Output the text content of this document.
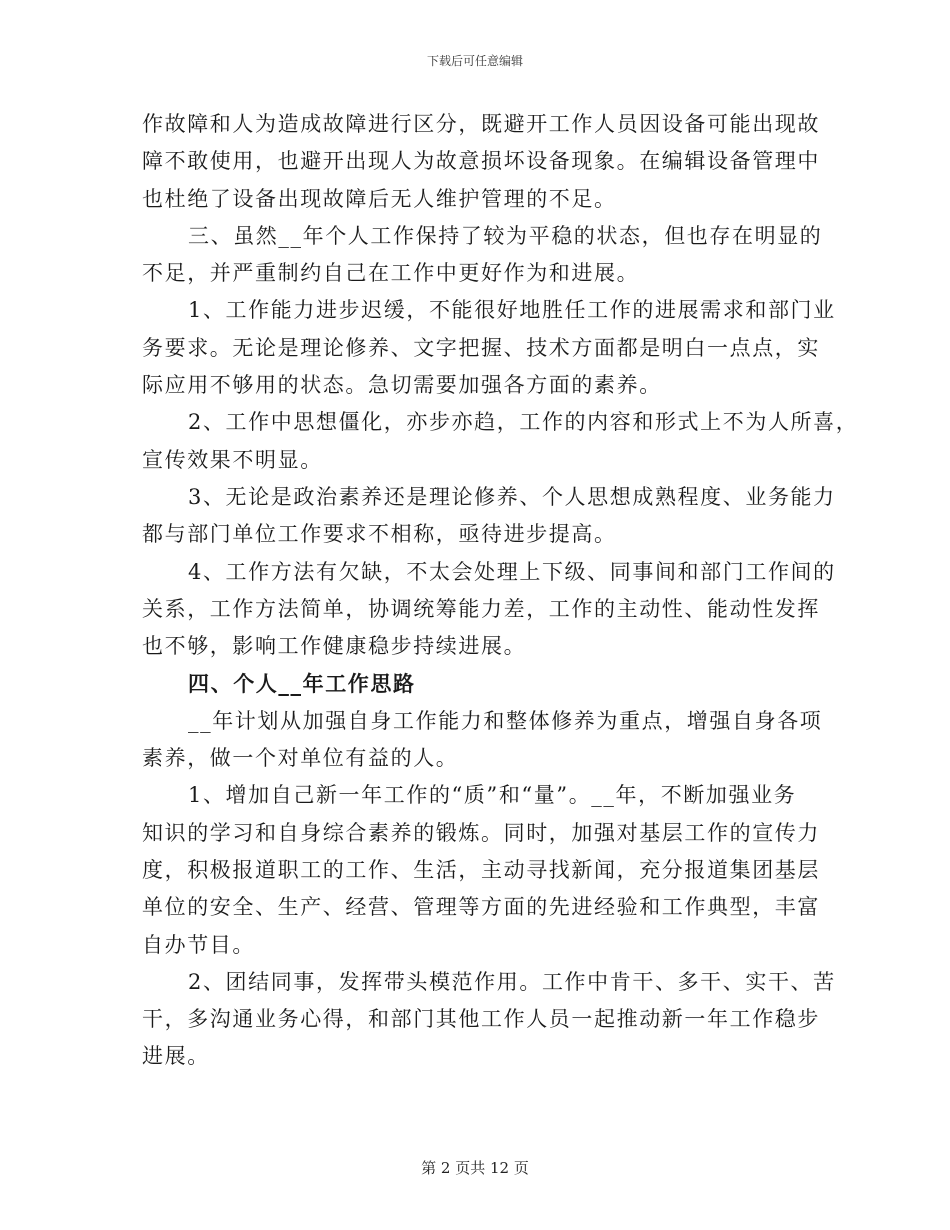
下载后可任意编辑
作故障和人为造成故障进行区分，既避开工作人员因设备可能出现故
障不敢使用，也避开出现人为故意损坏设备现象。在编辑设备管理中
也杜绝了设备出现故障后无人维护管理的不足。
三、虽然__年个人工作保持了较为平稳的状态，但也存在明显的
不足，并严重制约自己在工作中更好作为和进展。
1、工作能力进步迟缓，不能很好地胜任工作的进展需求和部门业
务要求。无论是理论修养、文字把握、技术方面都是明白一点点，实
际应用不够用的状态。急切需要加强各方面的素养。
2、工作中思想僵化，亦步亦趋，工作的内容和形式上不为人所喜，
宣传效果不明显。
3、无论是政治素养还是理论修养、个人思想成熟程度、业务能力
都与部门单位工作要求不相称，亟待进步提高。
4、工作方法有欠缺，不太会处理上下级、同事间和部门工作间的
关系，工作方法简单，协调统筹能力差，工作的主动性、能动性发挥
也不够，影响工作健康稳步持续进展。
四、个人__年工作思路
__年计划从加强自身工作能力和整体修养为重点，增强自身各项
素养，做一个对单位有益的人。
1、增加自己新一年工作的“质”和“量”。__年，不断加强业务
知识的学习和自身综合素养的锻炼。同时，加强对基层工作的宣传力
度，积极报道职工的工作、生活，主动寻找新闻，充分报道集团基层
单位的安全、生产、经营、管理等方面的先进经验和工作典型，丰富
自办节目。
2、团结同事，发挥带头模范作用。工作中肯干、多干、实干、苦
干，多沟通业务心得，和部门其他工作人员一起推动新一年工作稳步
进展。
第 2 页共 12 页
